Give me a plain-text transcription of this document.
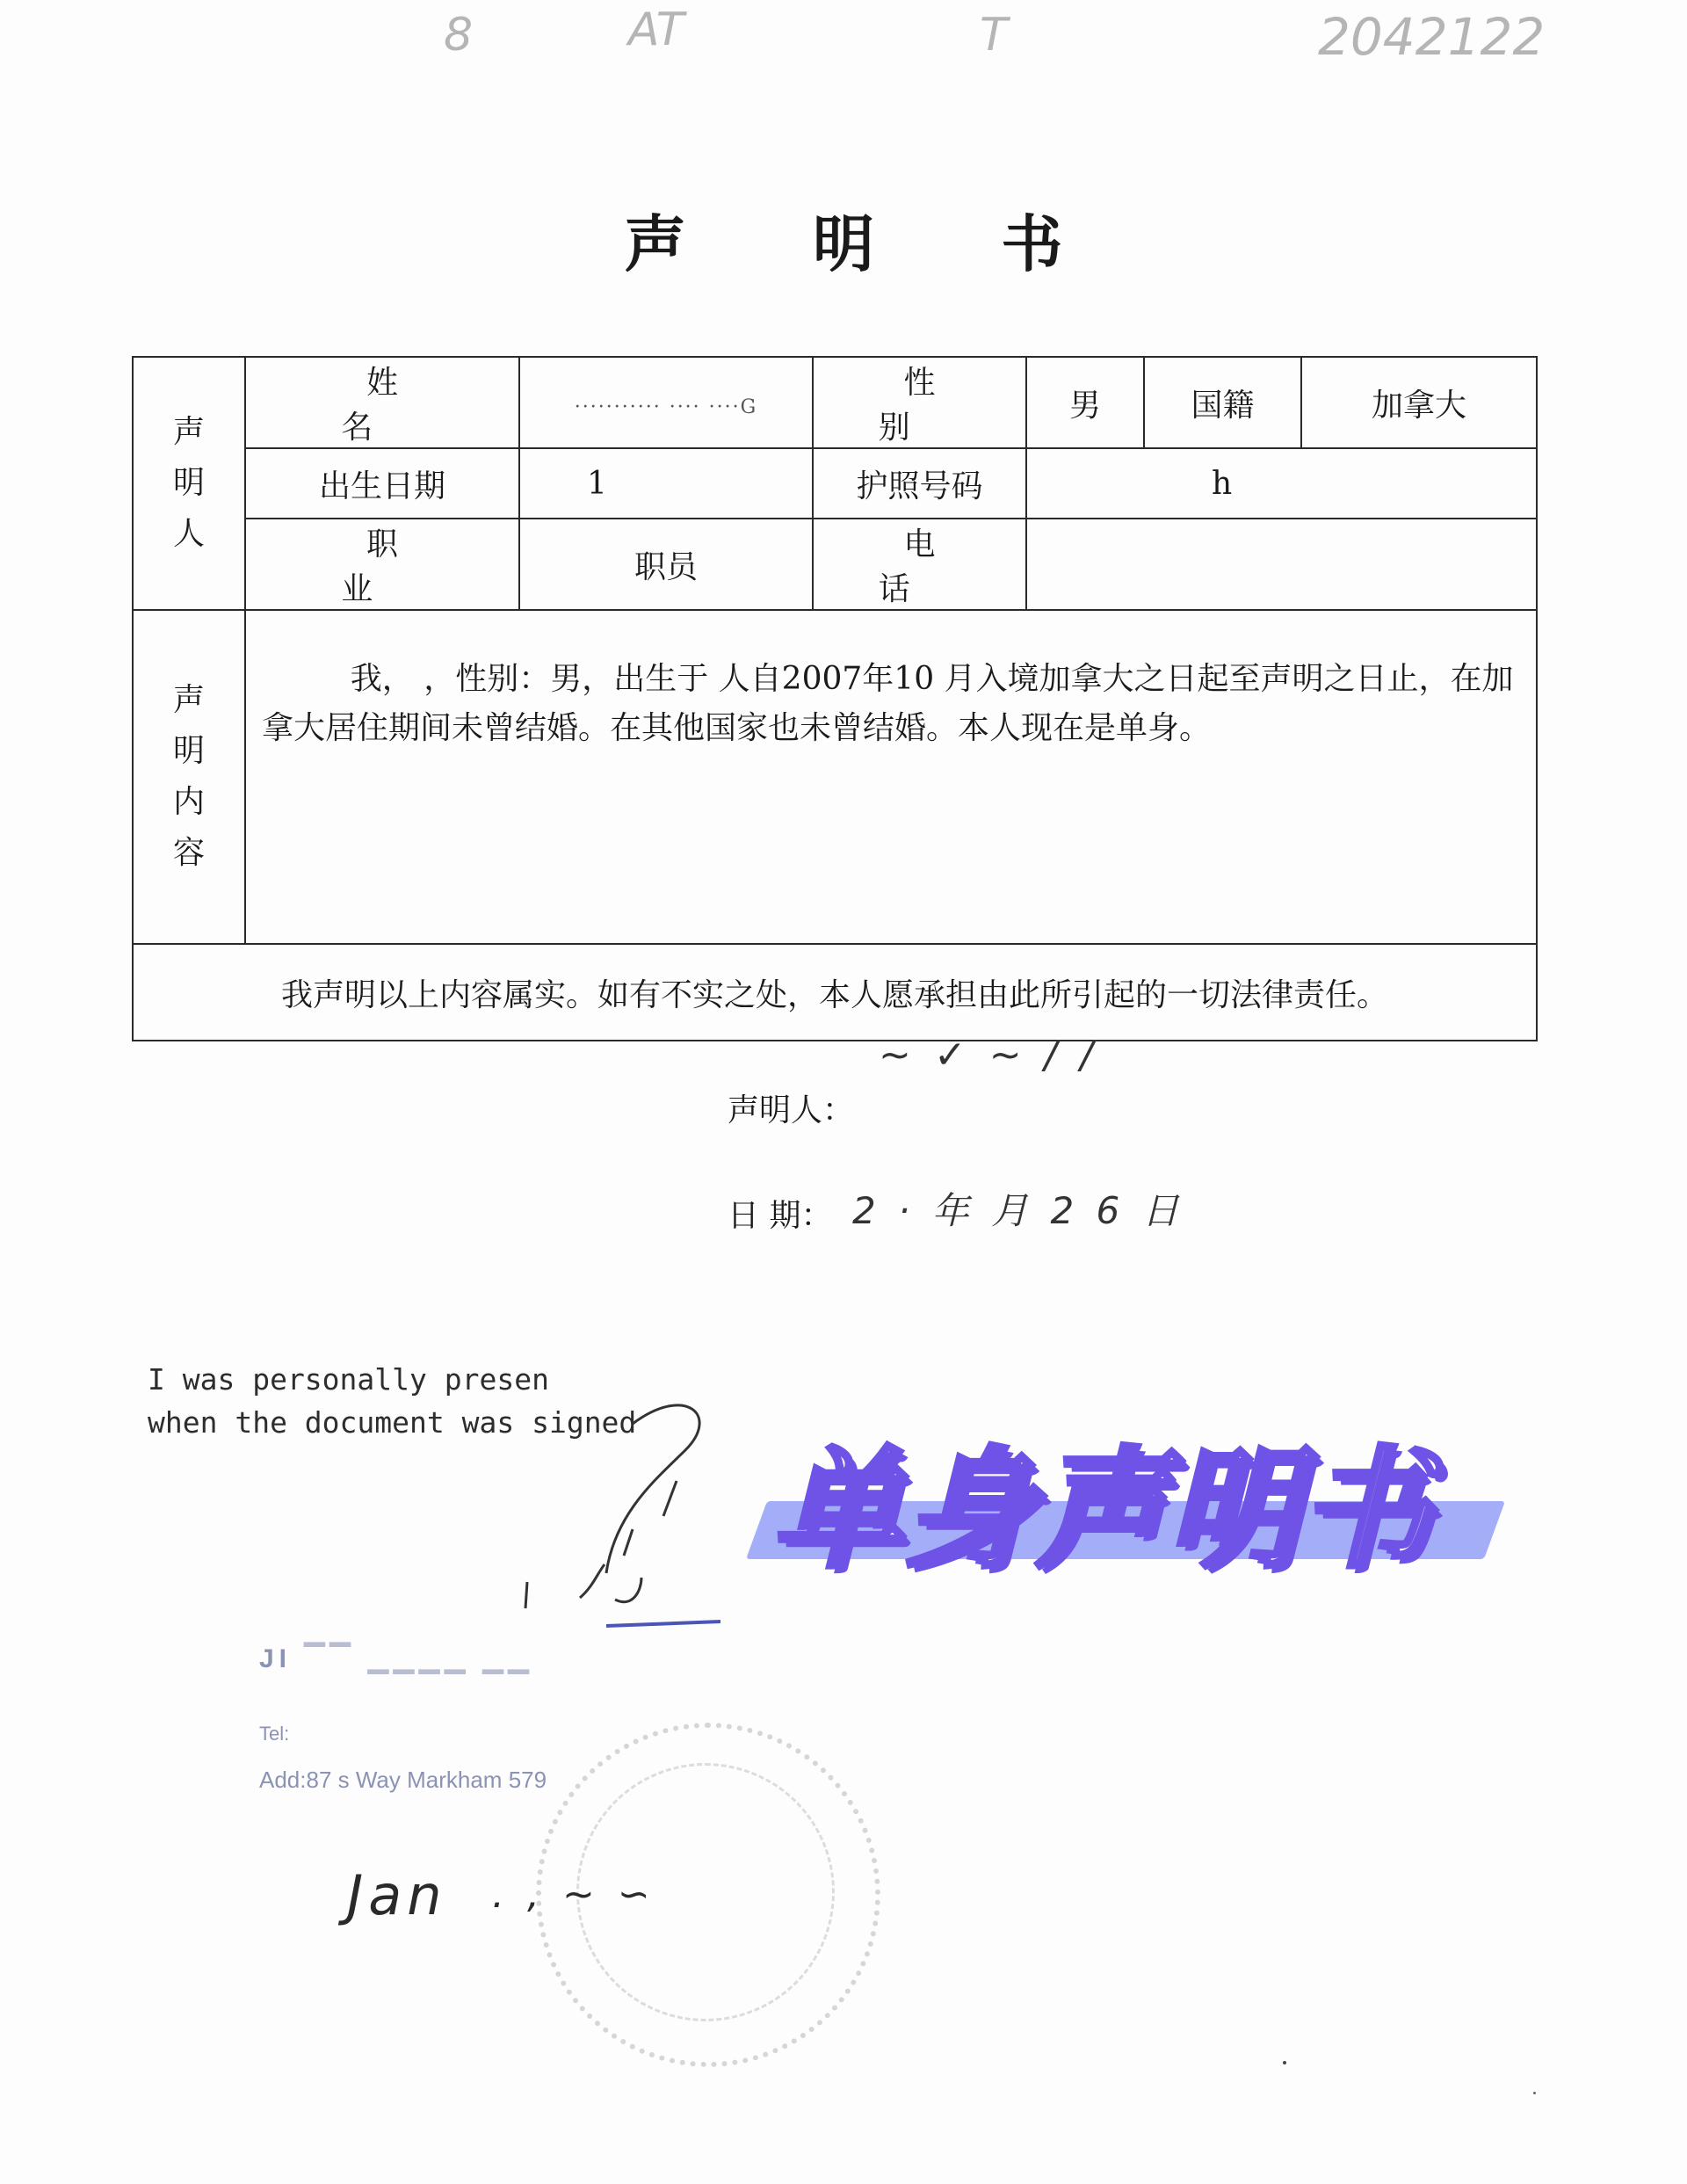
8	AT	T	2042122
声 明 书
声
明
人	姓 名	··········· ···· ····G	性 别	男	国籍	加拿大
	出生日期	1	护照号码	h		
	职 业	职员	电 话			

声
明
内
容	我， ，性别：男，出生于 人自2007年10 月入境加拿大之日起至声明之日止，在加拿大居住期间未曾结婚。在其他国家也未曾结婚。本人现在是单身。					

我声明以上内容属实。如有不实之处，本人愿承担由此所引起的一切法律责任。						
声明人：
~ ✓ ~ / /
日 期： 2 · 年 月 2 6 日
I was personally presen
when the document was signed
JI ▔▔ ▁▁▁▁ ▁▁
Tel:
Add:87 s Way Markham 579
Jan . , ~ ∽
单身声明书
